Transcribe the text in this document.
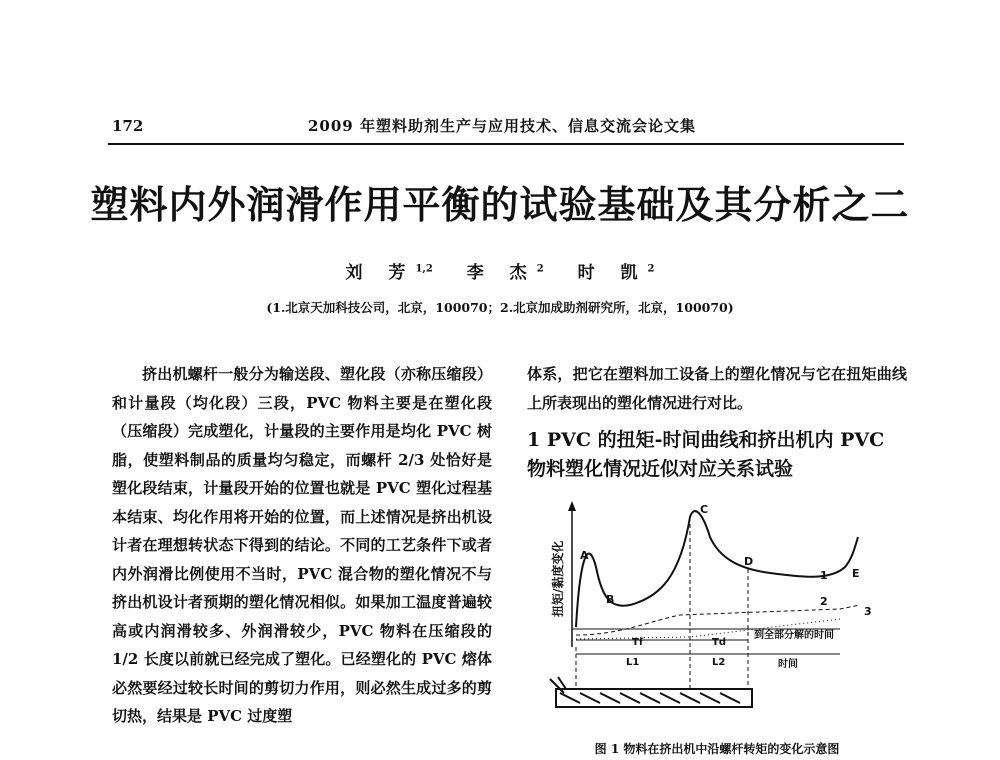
172	2009 年塑料助剂生产与应用技术、信息交流会论文集
塑料内外润滑作用平衡的试验基础及其分析之二
刘 芳$^{1,2}$ 李 杰$^2$ 时 凯$^2$
(1.北京天加科技公司，北京，100070；2.北京加成助剂研究所，北京，100070)

挤出机螺杆一般分为输送段、塑化段（亦称压缩段）和计量段（均化段）三段，PVC 物料主要是在塑化段（压缩段）完成塑化，计量段的主要作用是均化 PVC 树脂，使塑料制品的质量均匀稳定，而螺杆 2/3 处恰好是塑化段结束，计量段开始的位置也就是 PVC 塑化过程基本结束、均化作用将开始的位置，而上述情况是挤出机设计者在理想转状态下得到的结论。不同的工艺条件下或者内外润滑比例使用不当时，PVC 混合物的塑化情况不与挤出机设计者预期的塑化情况相似。如果加工温度普遍较高或内润滑较多、外润滑较少，PVC 物料在压缩段的 1/2 长度以前就已经完成了塑化。已经塑化的 PVC 熔体必然要经过较长时间的剪切力作用，则必然生成过多的剪切热，结果是 PVC 过度塑

体系，把它在塑料加工设备上的塑化情况与它在扭矩曲线上所表现出的塑化情况进行对比。

1 PVC 的扭矩-时间曲线和挤出机内 PVC 物料塑化情况近似对应关系试验
扭矩/黏度变化 A
B
C
D
E
1
2
3
Tf	Td
到全部分解的时间
L1	L2	时间
图 1 物料在挤出机中沿螺杆转矩的变化示意图
